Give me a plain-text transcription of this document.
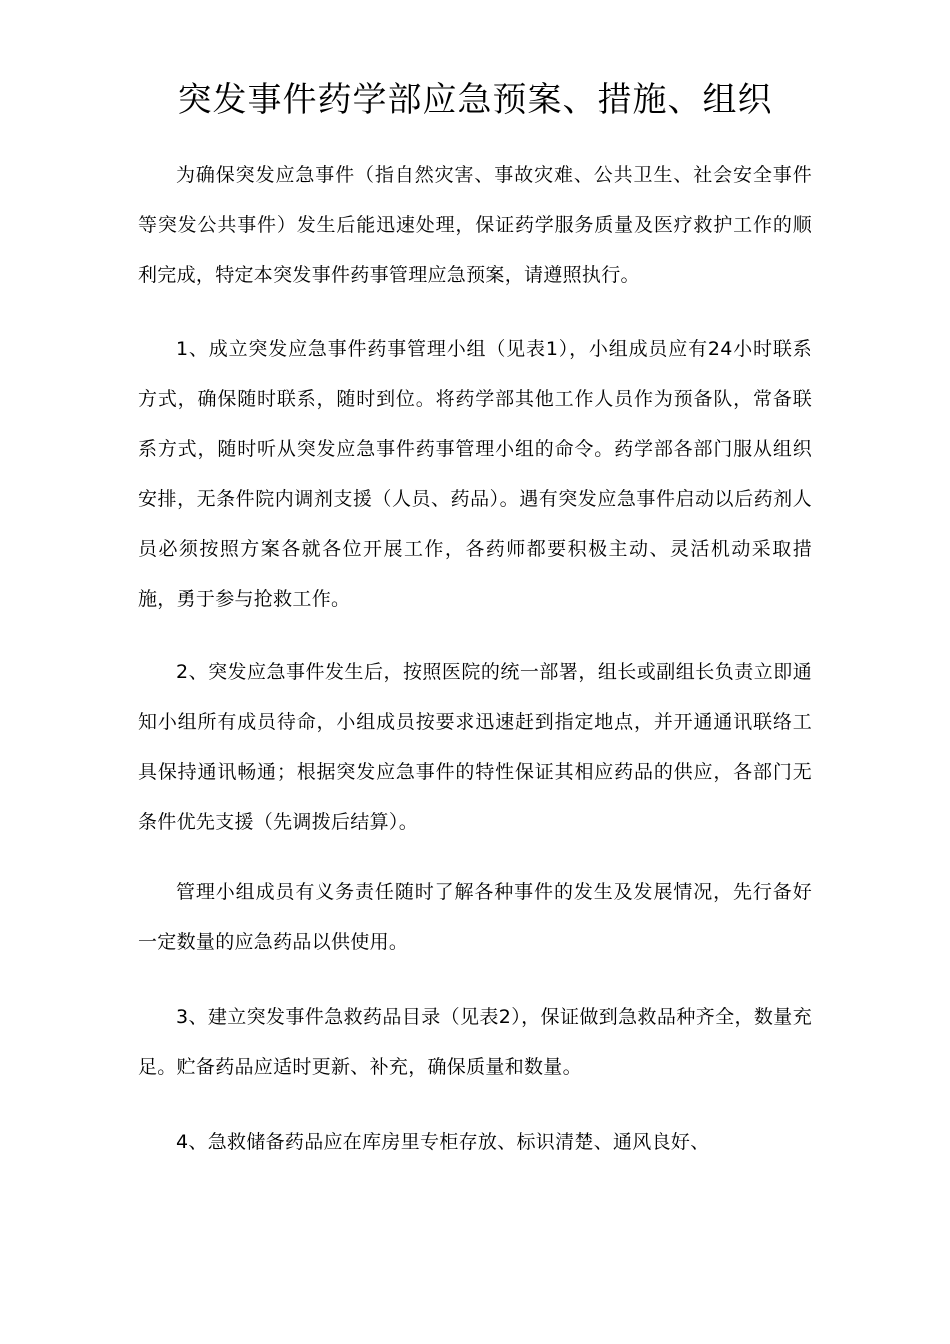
突发事件药学部应急预案、措施、组织

为确保突发应急事件（指自然灾害、事故灾难、公共卫生、社会安全事件等突发公共事件）发生后能迅速处理，保证药学服务质量及医疗救护工作的顺利完成，特定本突发事件药事管理应急预案，请遵照执行。

1、成立突发应急事件药事管理小组（见表1），小组成员应有24小时联系方式，确保随时联系，随时到位。将药学部其他工作人员作为预备队，常备联系方式，随时听从突发应急事件药事管理小组的命令。药学部各部门服从组织安排，无条件院内调剂支援（人员、药品）。遇有突发应急事件启动以后药剂人员必须按照方案各就各位开展工作，各药师都要积极主动、灵活机动采取措施，勇于参与抢救工作。

2、突发应急事件发生后，按照医院的统一部署，组长或副组长负责立即通知小组所有成员待命，小组成员按要求迅速赶到指定地点，并开通通讯联络工具保持通讯畅通；根据突发应急事件的特性保证其相应药品的供应，各部门无条件优先支援（先调拨后结算）。

管理小组成员有义务责任随时了解各种事件的发生及发展情况，先行备好一定数量的应急药品以供使用。

3、建立突发事件急救药品目录（见表2），保证做到急救品种齐全，数量充足。贮备药品应适时更新、补充，确保质量和数量。

4、急救储备药品应在库房里专柜存放、标识清楚、通风良好、
